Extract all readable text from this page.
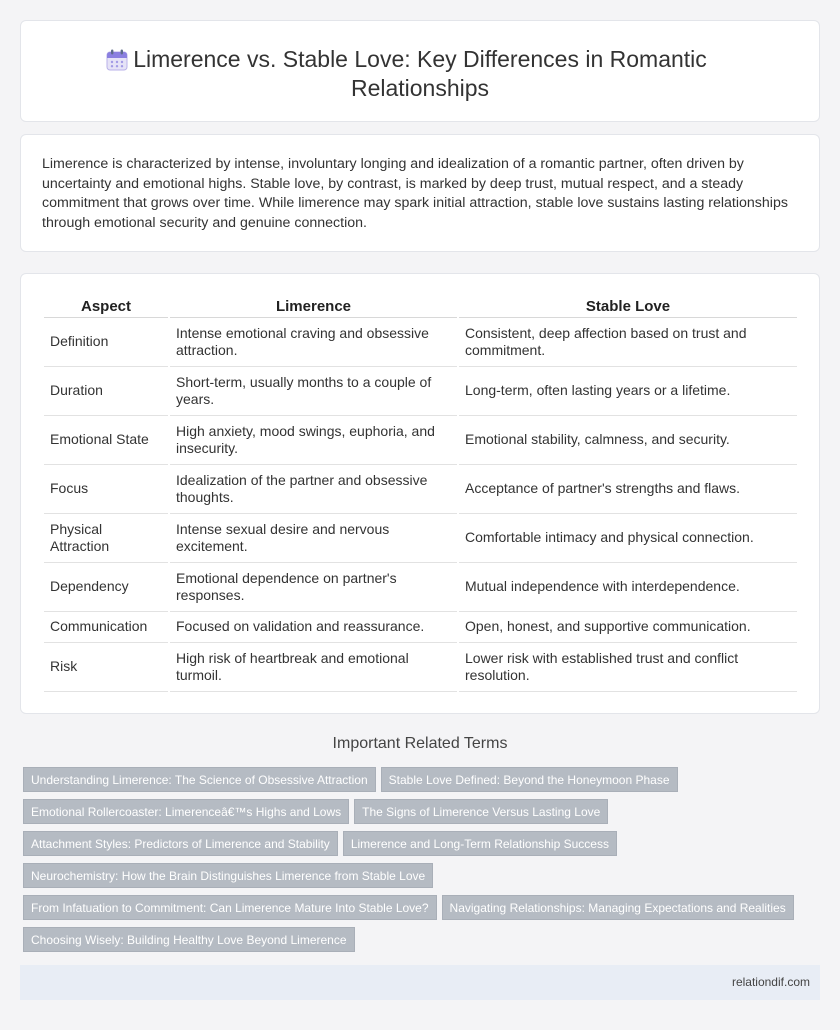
Limerence vs. Stable Love: Key Differences in Romantic Relationships

Limerence is characterized by intense, involuntary longing and idealization of a romantic partner, often driven by uncertainty and emotional highs. Stable love, by contrast, is marked by deep trust, mutual respect, and a steady commitment that grows over time. While limerence may spark initial attraction, stable love sustains lasting relationships through emotional security and genuine connection.

Aspect	Limerence	Stable Love
Definition	Intense emotional craving and obsessive attraction.	Consistent, deep affection based on trust and commitment.
Duration	Short-term, usually months to a couple of years.	Long-term, often lasting years or a lifetime.
Emotional State	High anxiety, mood swings, euphoria, and insecurity.	Emotional stability, calmness, and security.
Focus	Idealization of the partner and obsessive thoughts.	Acceptance of partner's strengths and flaws.
Physical Attraction	Intense sexual desire and nervous excitement.	Comfortable intimacy and physical connection.
Dependency	Emotional dependence on partner's responses.	Mutual independence with interdependence.
Communication	Focused on validation and reassurance.	Open, honest, and supportive communication.
Risk	High risk of heartbreak and emotional turmoil.	Lower risk with established trust and conflict resolution.
Important Related Terms
Understanding Limerence: The Science of Obsessive Attraction Stable Love Defined: Beyond the Honeymoon Phase
Emotional Rollercoaster: Limerenceâ€™s Highs and Lows The Signs of Limerence Versus Lasting Love
Attachment Styles: Predictors of Limerence and Stability Limerence and Long-Term Relationship Success
Neurochemistry: How the Brain Distinguishes Limerence from Stable Love
From Infatuation to Commitment: Can Limerence Mature Into Stable Love? Navigating Relationships: Managing Expectations and Realities
Choosing Wisely: Building Healthy Love Beyond Limerence
relationdif.com
